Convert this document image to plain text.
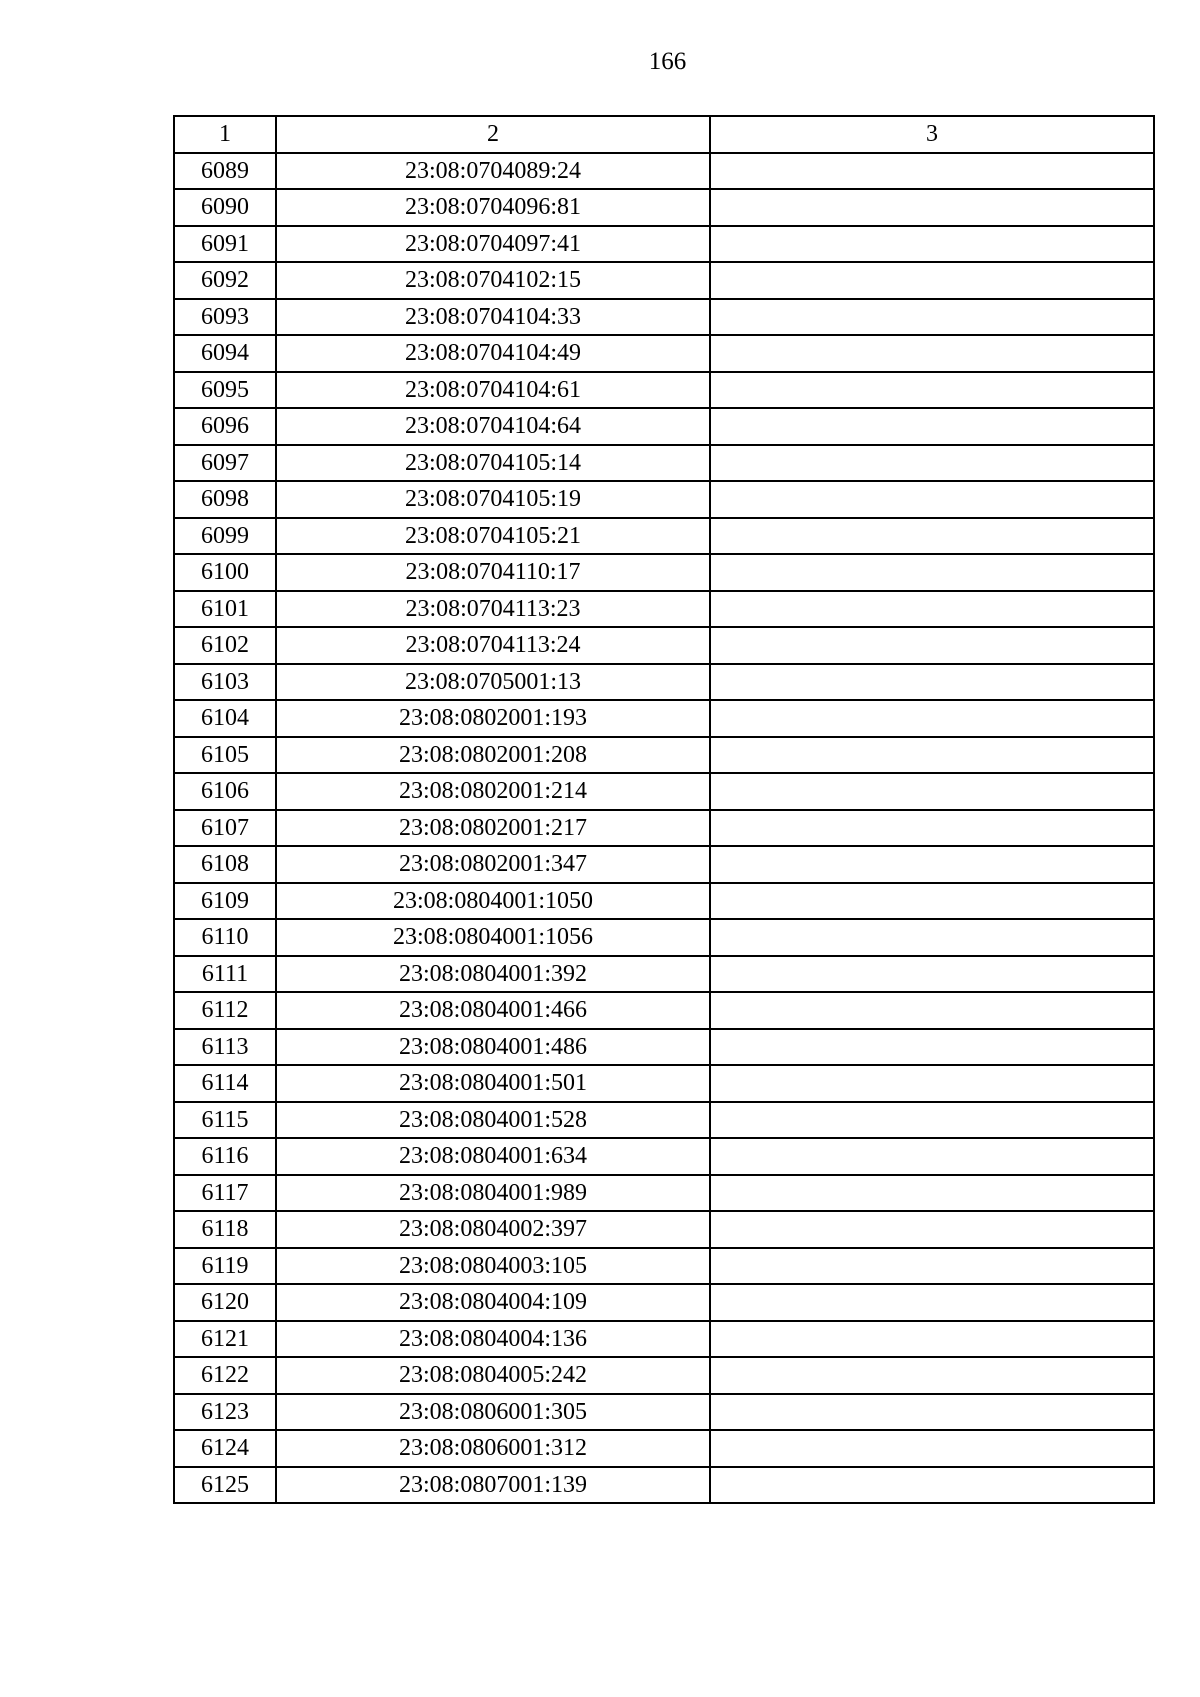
166
1	2	3
6089	23:08:0704089:24	
6090	23:08:0704096:81	
6091	23:08:0704097:41	
6092	23:08:0704102:15	
6093	23:08:0704104:33	
6094	23:08:0704104:49	
6095	23:08:0704104:61	
6096	23:08:0704104:64	
6097	23:08:0704105:14	
6098	23:08:0704105:19	
6099	23:08:0704105:21	
6100	23:08:0704110:17	
6101	23:08:0704113:23	
6102	23:08:0704113:24	
6103	23:08:0705001:13	
6104	23:08:0802001:193	
6105	23:08:0802001:208	
6106	23:08:0802001:214	
6107	23:08:0802001:217	
6108	23:08:0802001:347	
6109	23:08:0804001:1050	
6110	23:08:0804001:1056	
6111	23:08:0804001:392	
6112	23:08:0804001:466	
6113	23:08:0804001:486	
6114	23:08:0804001:501	
6115	23:08:0804001:528	
6116	23:08:0804001:634	
6117	23:08:0804001:989	
6118	23:08:0804002:397	
6119	23:08:0804003:105	
6120	23:08:0804004:109	
6121	23:08:0804004:136	
6122	23:08:0804005:242	
6123	23:08:0806001:305	
6124	23:08:0806001:312	
6125	23:08:0807001:139	
